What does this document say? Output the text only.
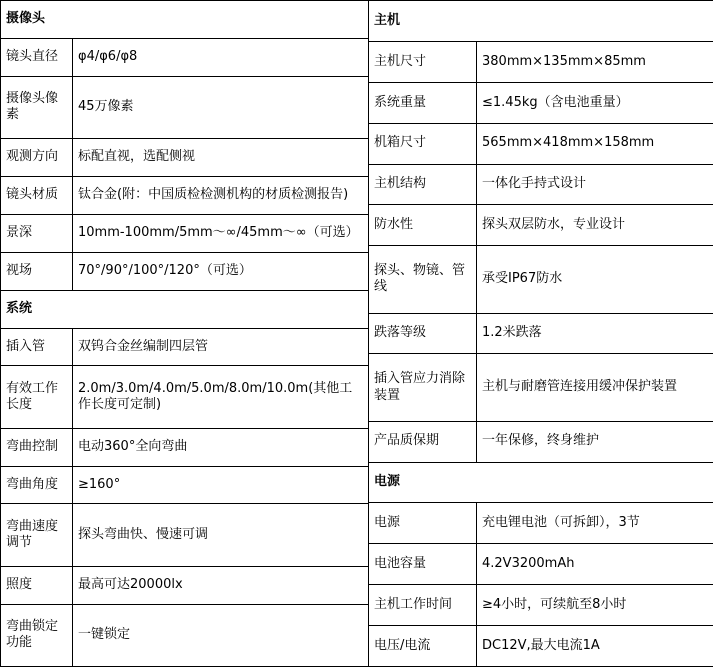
摄像头	
镜头直径	φ4/φ6/φ8
摄像头像素	45万像素
观测方向	标配直视，选配侧视
镜头材质	钛合金(附：中国质检检测机构的材质检测报告)
景深	10mm-100mm/5mm～∞/45mm～∞（可选）
视场	70°/90°/100°/120°（可选）
系统	
插入管	双钨合金丝编制四层管
有效工作长度	2.0m/3.0m/4.0m/5.0m/8.0m/10.0m(其他工作长度可定制)
弯曲控制	电动360°全向弯曲
弯曲角度	≥160°
弯曲速度调节	探头弯曲快、慢速可调
照度	最高可达20000lx
弯曲锁定功能	一键锁定
主机	
主机尺寸	380mm×135mm×85mm
系统重量	≤1.45kg（含电池重量）
机箱尺寸	565mm×418mm×158mm
主机结构	一体化手持式设计
防水性	探头双层防水，专业设计
探头、物镜、管线	承受IP67防水
跌落等级	1.2米跌落
插入管应力消除装置	主机与耐磨管连接用缓冲保护装置
产品质保期	一年保修，终身维护
电源	
电源	充电锂电池（可拆卸），3节
电池容量	4.2V3200mAh
主机工作时间	≥4小时，可续航至8小时
电压/电流	DC12V,最大电流1A
